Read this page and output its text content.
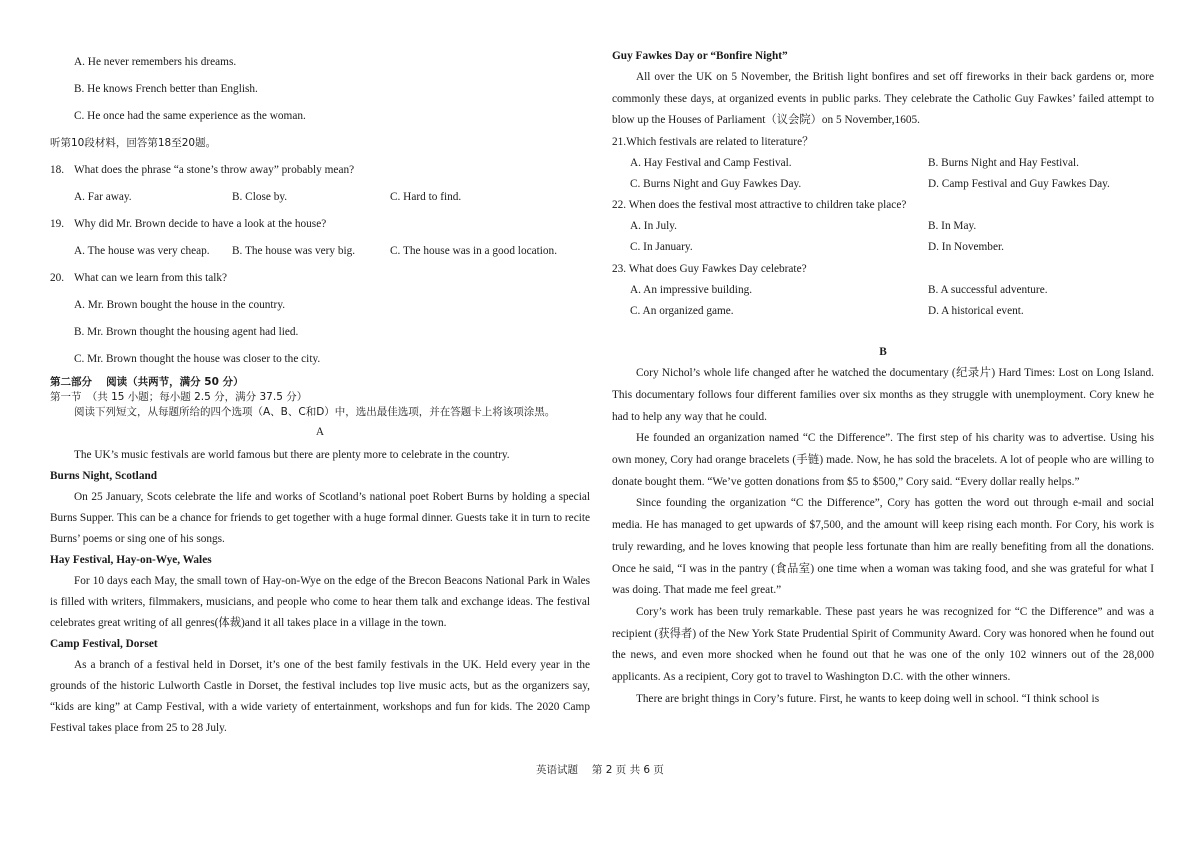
A. He never remembers his dreams.
B. He knows French better than English.
C. He once had the same experience as the woman.
听第10段材料，回答第18至20题。
18. What does the phrase “a stone’s throw away” probably mean?
A. Far away.	B. Close by.	C. Hard to find.
19. Why did Mr. Brown decide to have a look at the house?
A. The house was very cheap.	B. The house was very big.	C. The house was in a good location.
20. What can we learn from this talk?
A. Mr. Brown bought the house in the country.
B. Mr. Brown thought the housing agent had lied.
C. Mr. Brown thought the house was closer to the city.
第二部分　 阅读（共两节，满分 50 分）
第一节　（共 15 小题；每小题 2.5 分，满分 37.5 分）
阅读下列短文，从每题所给的四个选项（A、B、C和D）中，选出最佳选项，并在答题卡上将该项涂黑。
A

The UK’s music festivals are world famous but there are plenty more to celebrate in the country.

Burns Night, Scotland

On 25 January, Scots celebrate the life and works of Scotland’s national poet Robert Burns by holding a special Burns Supper. This can be a chance for friends to get together with a huge formal dinner. Guests take it in turn to recite Burns’ poems or sing one of his songs.

Hay Festival, Hay-on-Wye, Wales

For 10 days each May, the small town of Hay-on-Wye on the edge of the Brecon Beacons National Park in Wales is filled with writers, filmmakers, musicians, and people who come to hear them talk and exchange ideas. The festival celebrates great writing of all genres(体裁)and it all takes place in a village in the town.

Camp Festival, Dorset

As a branch of a festival held in Dorset, it’s one of the best family festivals in the UK. Held every year in the grounds of the historic Lulworth Castle in Dorset, the festival includes top live music acts, but as the organizers say, “kids are king” at Camp Festival, with a wide variety of entertainment, workshops and fun for kids. The 2020 Camp Festival takes place from 25 to 28 July.

Guy Fawkes Day or “Bonfire Night”

All over the UK on 5 November, the British light bonfires and set off fireworks in their back gardens or, more commonly these days, at organized events in public parks. They celebrate the Catholic Guy Fawkes’ failed attempt to blow up the Houses of Parliament（议会院）on 5 November,1605.

21.Which festivals are related to literature？
A. Hay Festival and Camp Festival.	B. Burns Night and Hay Festival.
C. Burns Night and Guy Fawkes Day.	D. Camp Festival and Guy Fawkes Day.
22. When does the festival most attractive to children take place?
A. In July.	B. In May.
C. In January.	D. In November.
23. What does Guy Fawkes Day celebrate?
A. An impressive building.	B. A successful adventure.
C. An organized game.	D. A historical event.
B

Cory Nichol’s whole life changed after he watched the documentary (纪录片) Hard Times: Lost on Long Island. This documentary follows four different families over six months as they struggle with unemployment. Cory knew he had to help any way that he could.

He founded an organization named “C the Difference”. The first step of his charity was to advertise. Using his own money, Cory had orange bracelets (手链) made. Now, he has sold the bracelets. A lot of people who are willing to donate bought them. “We’ve gotten donations from $5 to $500,” Cory said. “Every dollar really helps.”

Since founding the organization “C the Difference”, Cory has gotten the word out through e-mail and social media. He has managed to get upwards of $7,500, and the amount will keep rising each month. For Cory, his work is truly rewarding, and he loves knowing that people less fortunate than him are really benefiting from all the donations. Once he said, “I was in the pantry (食品室) one time when a woman was taking food, and she was grateful for what I was doing. That made me feel great.”

Cory’s work has been truly remarkable. These past years he was recognized for “C the Difference” and was a recipient (获得者) of the New York State Prudential Spirit of Community Award. Cory was honored when he found out the news, and even more shocked when he found out that he was one of the only 102 winners out of the 28,000 applicants. As a recipient, Cory got to travel to Washington D.C. with the other winners.

There are bright things in Cory’s future. First, he wants to keep doing well in school. “I think school is

英语试题　 第 2 页 共 6 页
